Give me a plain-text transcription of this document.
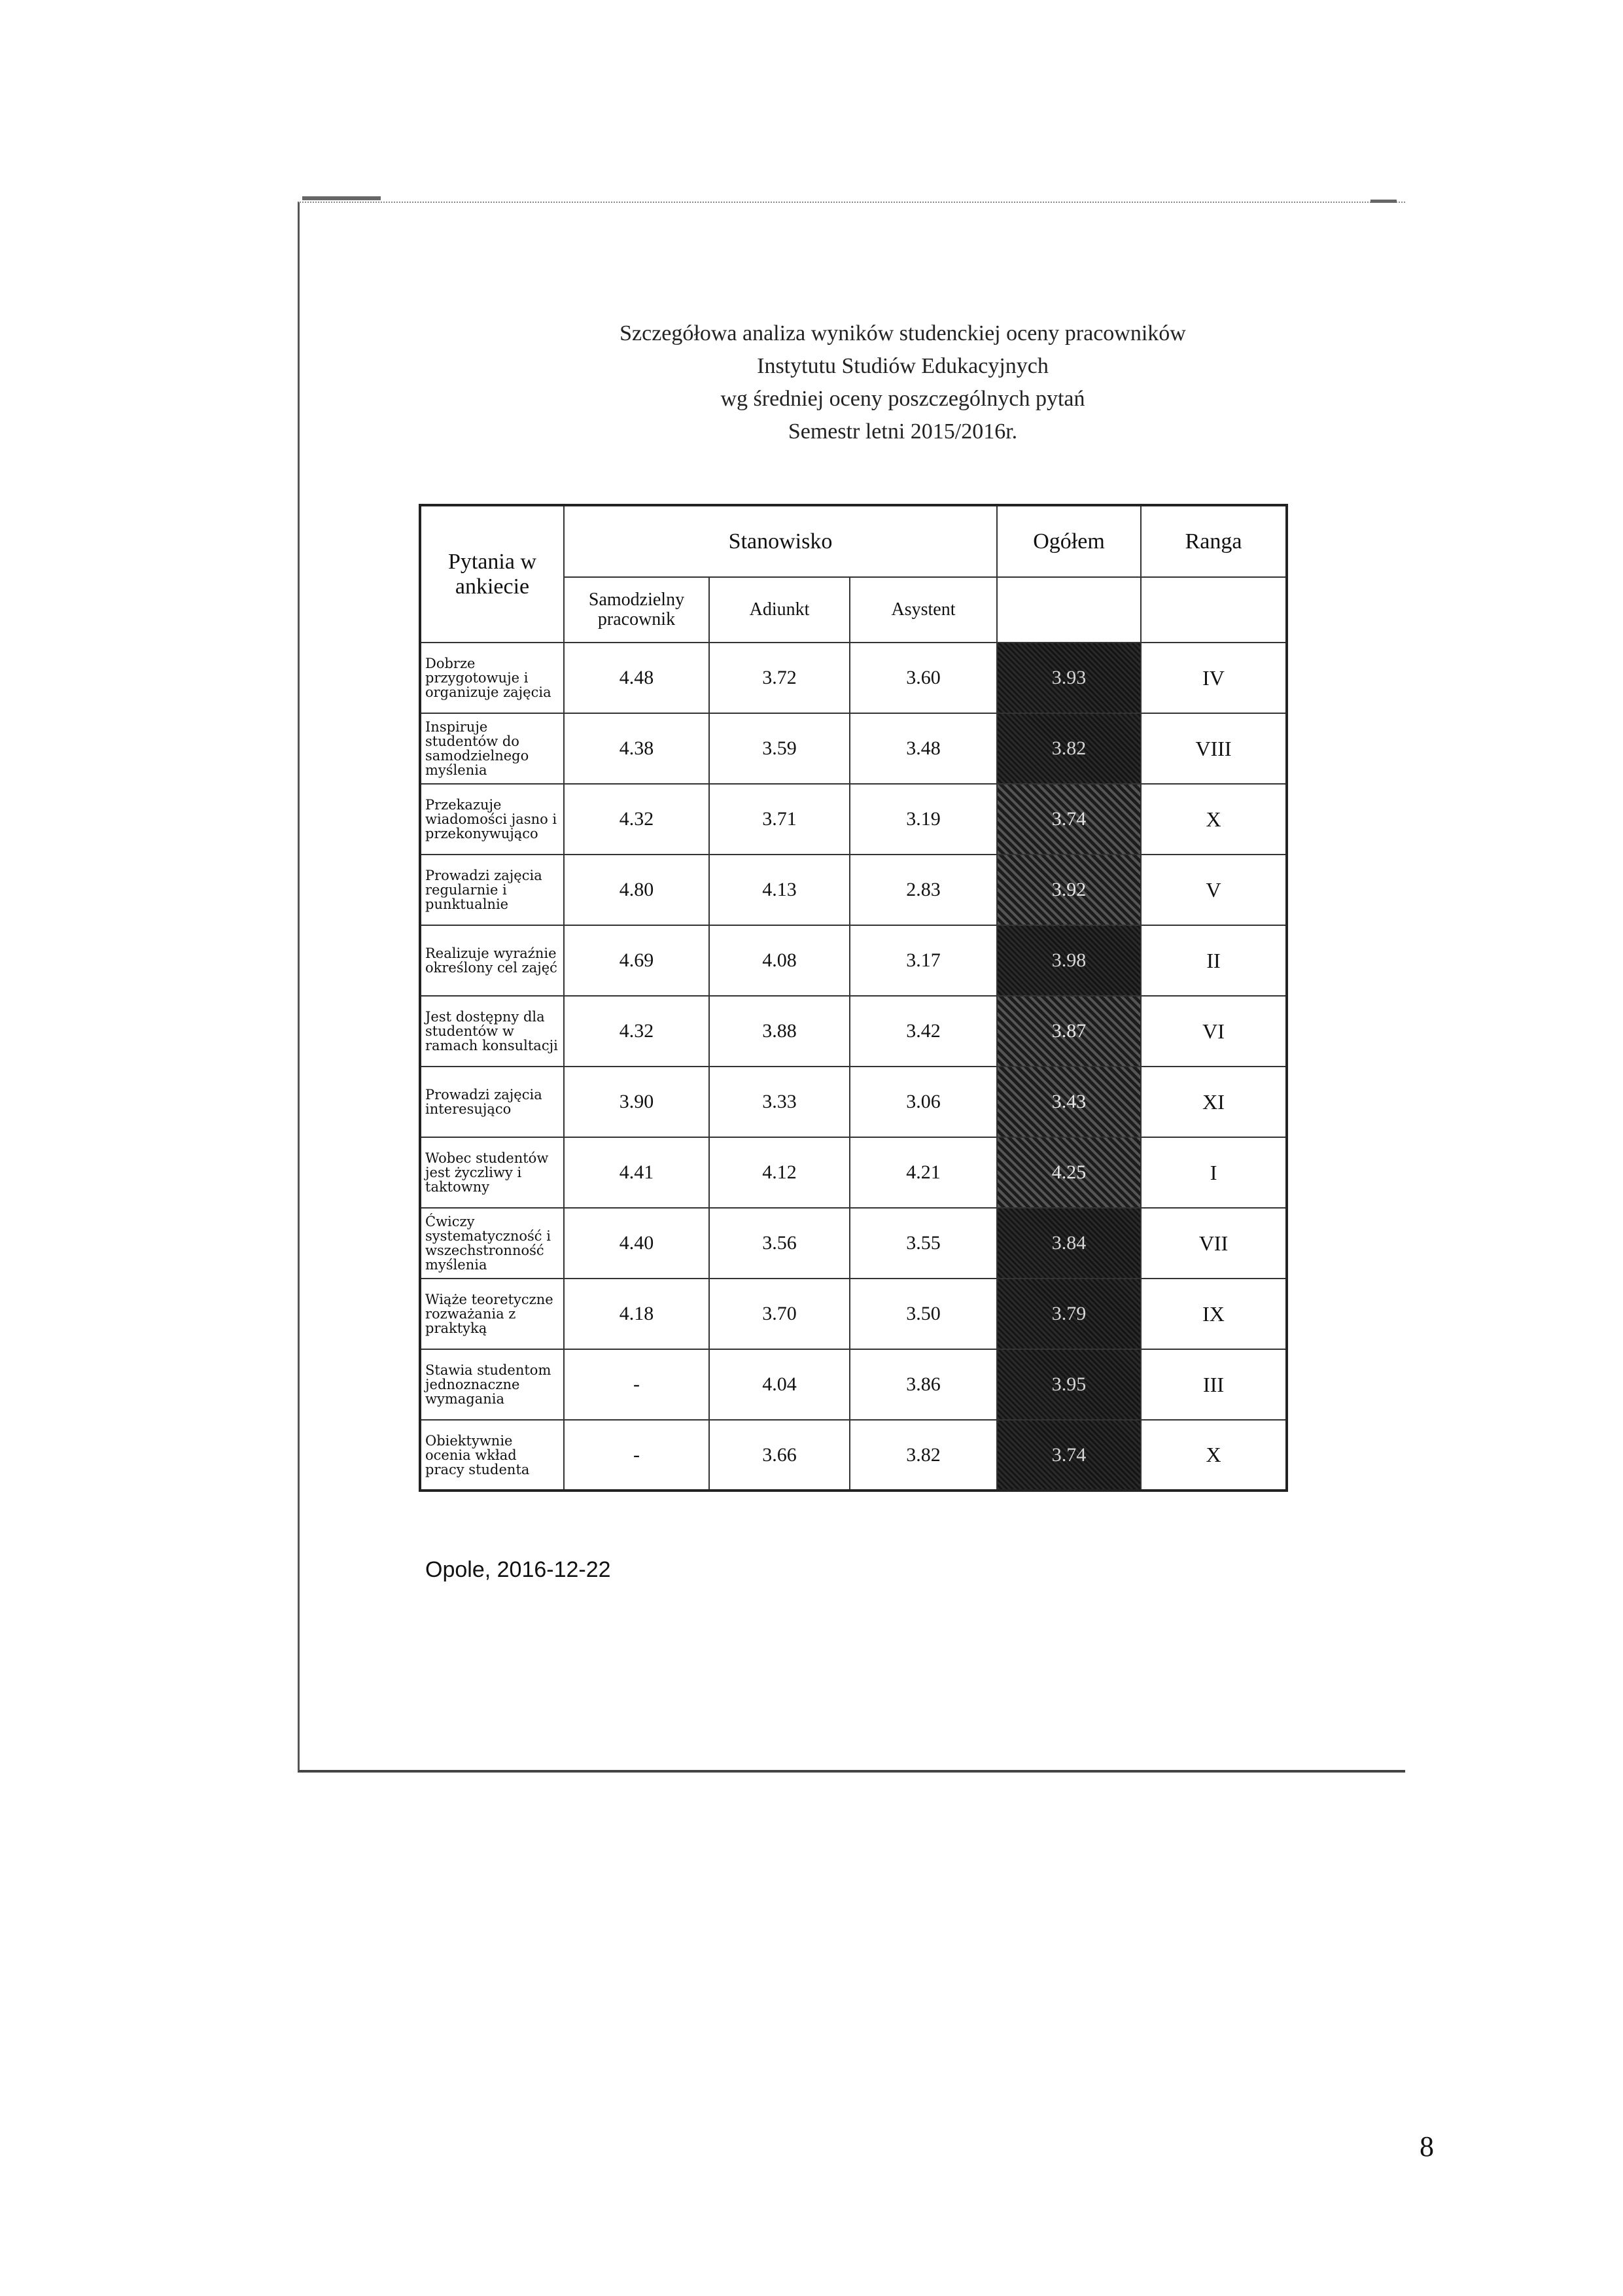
Szczegółowa analiza wyników studenckiej oceny pracowników
Instytutu Studiów Edukacyjnych
wg średniej oceny poszczególnych pytań
Semestr letni 2015/2016r.
Pytania w ankiecie	Stanowisko			Ogółem	Ranga
	Samodzielny pracownik	Adiunkt	Asystent		
Dobrze przygotowuje i organizuje zajęcia	4.48	3.72	3.60	3.93	IV
Inspiruje studentów do samodzielnego myślenia	4.38	3.59	3.48	3.82	VIII
Przekazuje wiadomości jasno i przekonywująco	4.32	3.71	3.19	3.74	X
Prowadzi zajęcia regularnie i punktualnie	4.80	4.13	2.83	3.92	V
Realizuje wyraźnie określony cel zajęć	4.69	4.08	3.17	3.98	II
Jest dostępny dla studentów w ramach konsultacji	4.32	3.88	3.42	3.87	VI
Prowadzi zajęcia interesująco	3.90	3.33	3.06	3.43	XI
Wobec studentów jest życzliwy i taktowny	4.41	4.12	4.21	4.25	I
Ćwiczy systematyczność i wszechstronność myślenia	4.40	3.56	3.55	3.84	VII
Wiąże teoretyczne rozważania z praktyką	4.18	3.70	3.50	3.79	IX
Stawia studentom jednoznaczne wymagania	-	4.04	3.86	3.95	III
Obiektywnie ocenia wkład pracy studenta	-	3.66	3.82	3.74	X
Opole, 2016-12-22
8
